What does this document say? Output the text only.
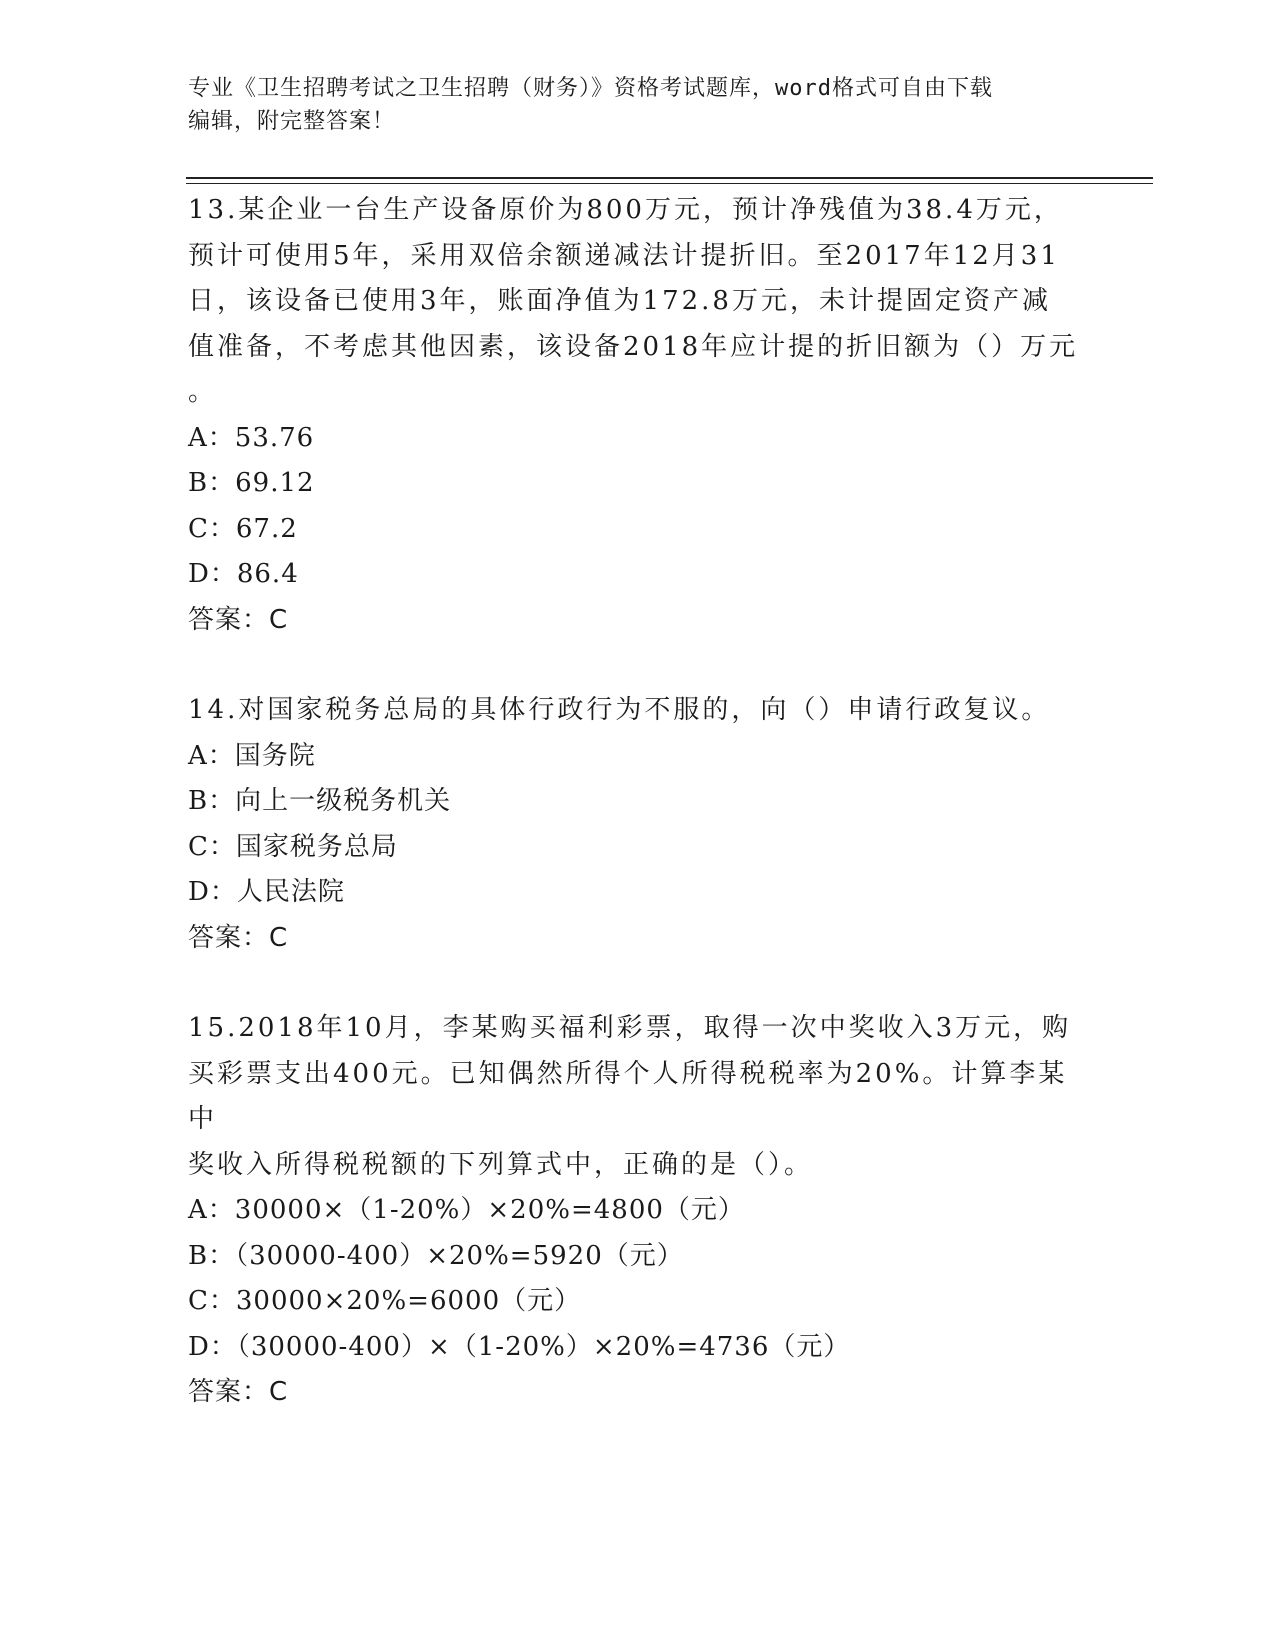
专业《卫生招聘考试之卫生招聘（财务）》资格考试题库，word格式可自由下载
编辑，附完整答案！

13.某企业一台生产设备原价为800万元，预计净残值为38.4万元，

预计可使用5年，采用双倍余额递减法计提折旧。至2017年12月31

日，该设备已使用3年，账面净值为172.8万元，未计提固定资产减

值准备，不考虑其他因素，该设备2018年应计提的折旧额为（）万元

。

A：53.76

B：69.12

C：67.2

D：86.4

答案：C

14.对国家税务总局的具体行政行为不服的，向（）申请行政复议。

A：国务院

B：向上一级税务机关

C：国家税务总局

D：人民法院

答案：C

15.2018年10月，李某购买福利彩票，取得一次中奖收入3万元，购

买彩票支出400元。已知偶然所得个人所得税税率为20%。计算李某中

奖收入所得税税额的下列算式中，正确的是（）。

A：30000×（1-20%）×20%=4800（元）

B：（30000-400）×20%=5920（元）

C：30000×20%=6000（元）

D：（30000-400）×（1-20%）×20%=4736（元）

答案：C
